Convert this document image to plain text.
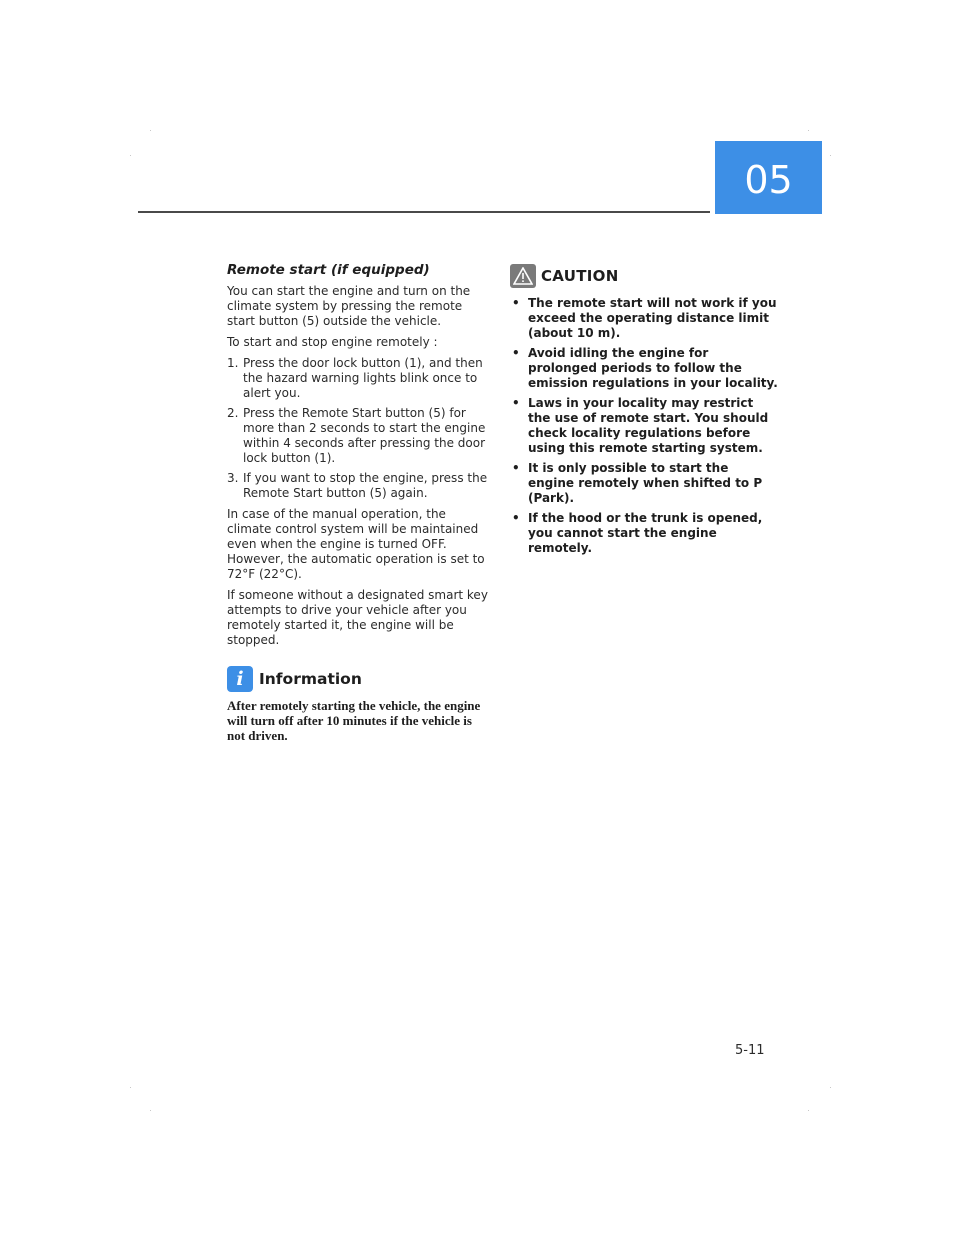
05
Remote start (if equipped)

You can start the engine and turn on the climate system by pressing the remote start button (5) outside the vehicle.

To start and stop engine remotely :

1. Press the door lock button (1), and then the hazard warning lights blink once to alert you.
2. Press the Remote Start button (5) for more than 2 seconds to start the engine within 4 seconds after pressing the door lock button (1).
3. If you want to stop the engine, press the Remote Start button (5) again.

In case of the manual operation, the climate control system will be maintained even when the engine is turned OFF. However, the automatic operation is set to 72°F (22°C).

If someone without a designated smart key attempts to drive your vehicle after you remotely started it, the engine will be stopped.

i Information

After remotely starting the vehicle, the engine will turn off after 10 minutes if the vehicle is not driven.

CAUTION
• The remote start will not work if you exceed the operating distance limit (about 10 m).
• Avoid idling the engine for prolonged periods to follow the emission regulations in your locality.
• Laws in your locality may restrict the use of remote start. You should check locality regulations before using this remote starting system.
• It is only possible to start the engine remotely when shifted to P (Park).
• If the hood or the trunk is opened, you cannot start the engine remotely.
5-11
